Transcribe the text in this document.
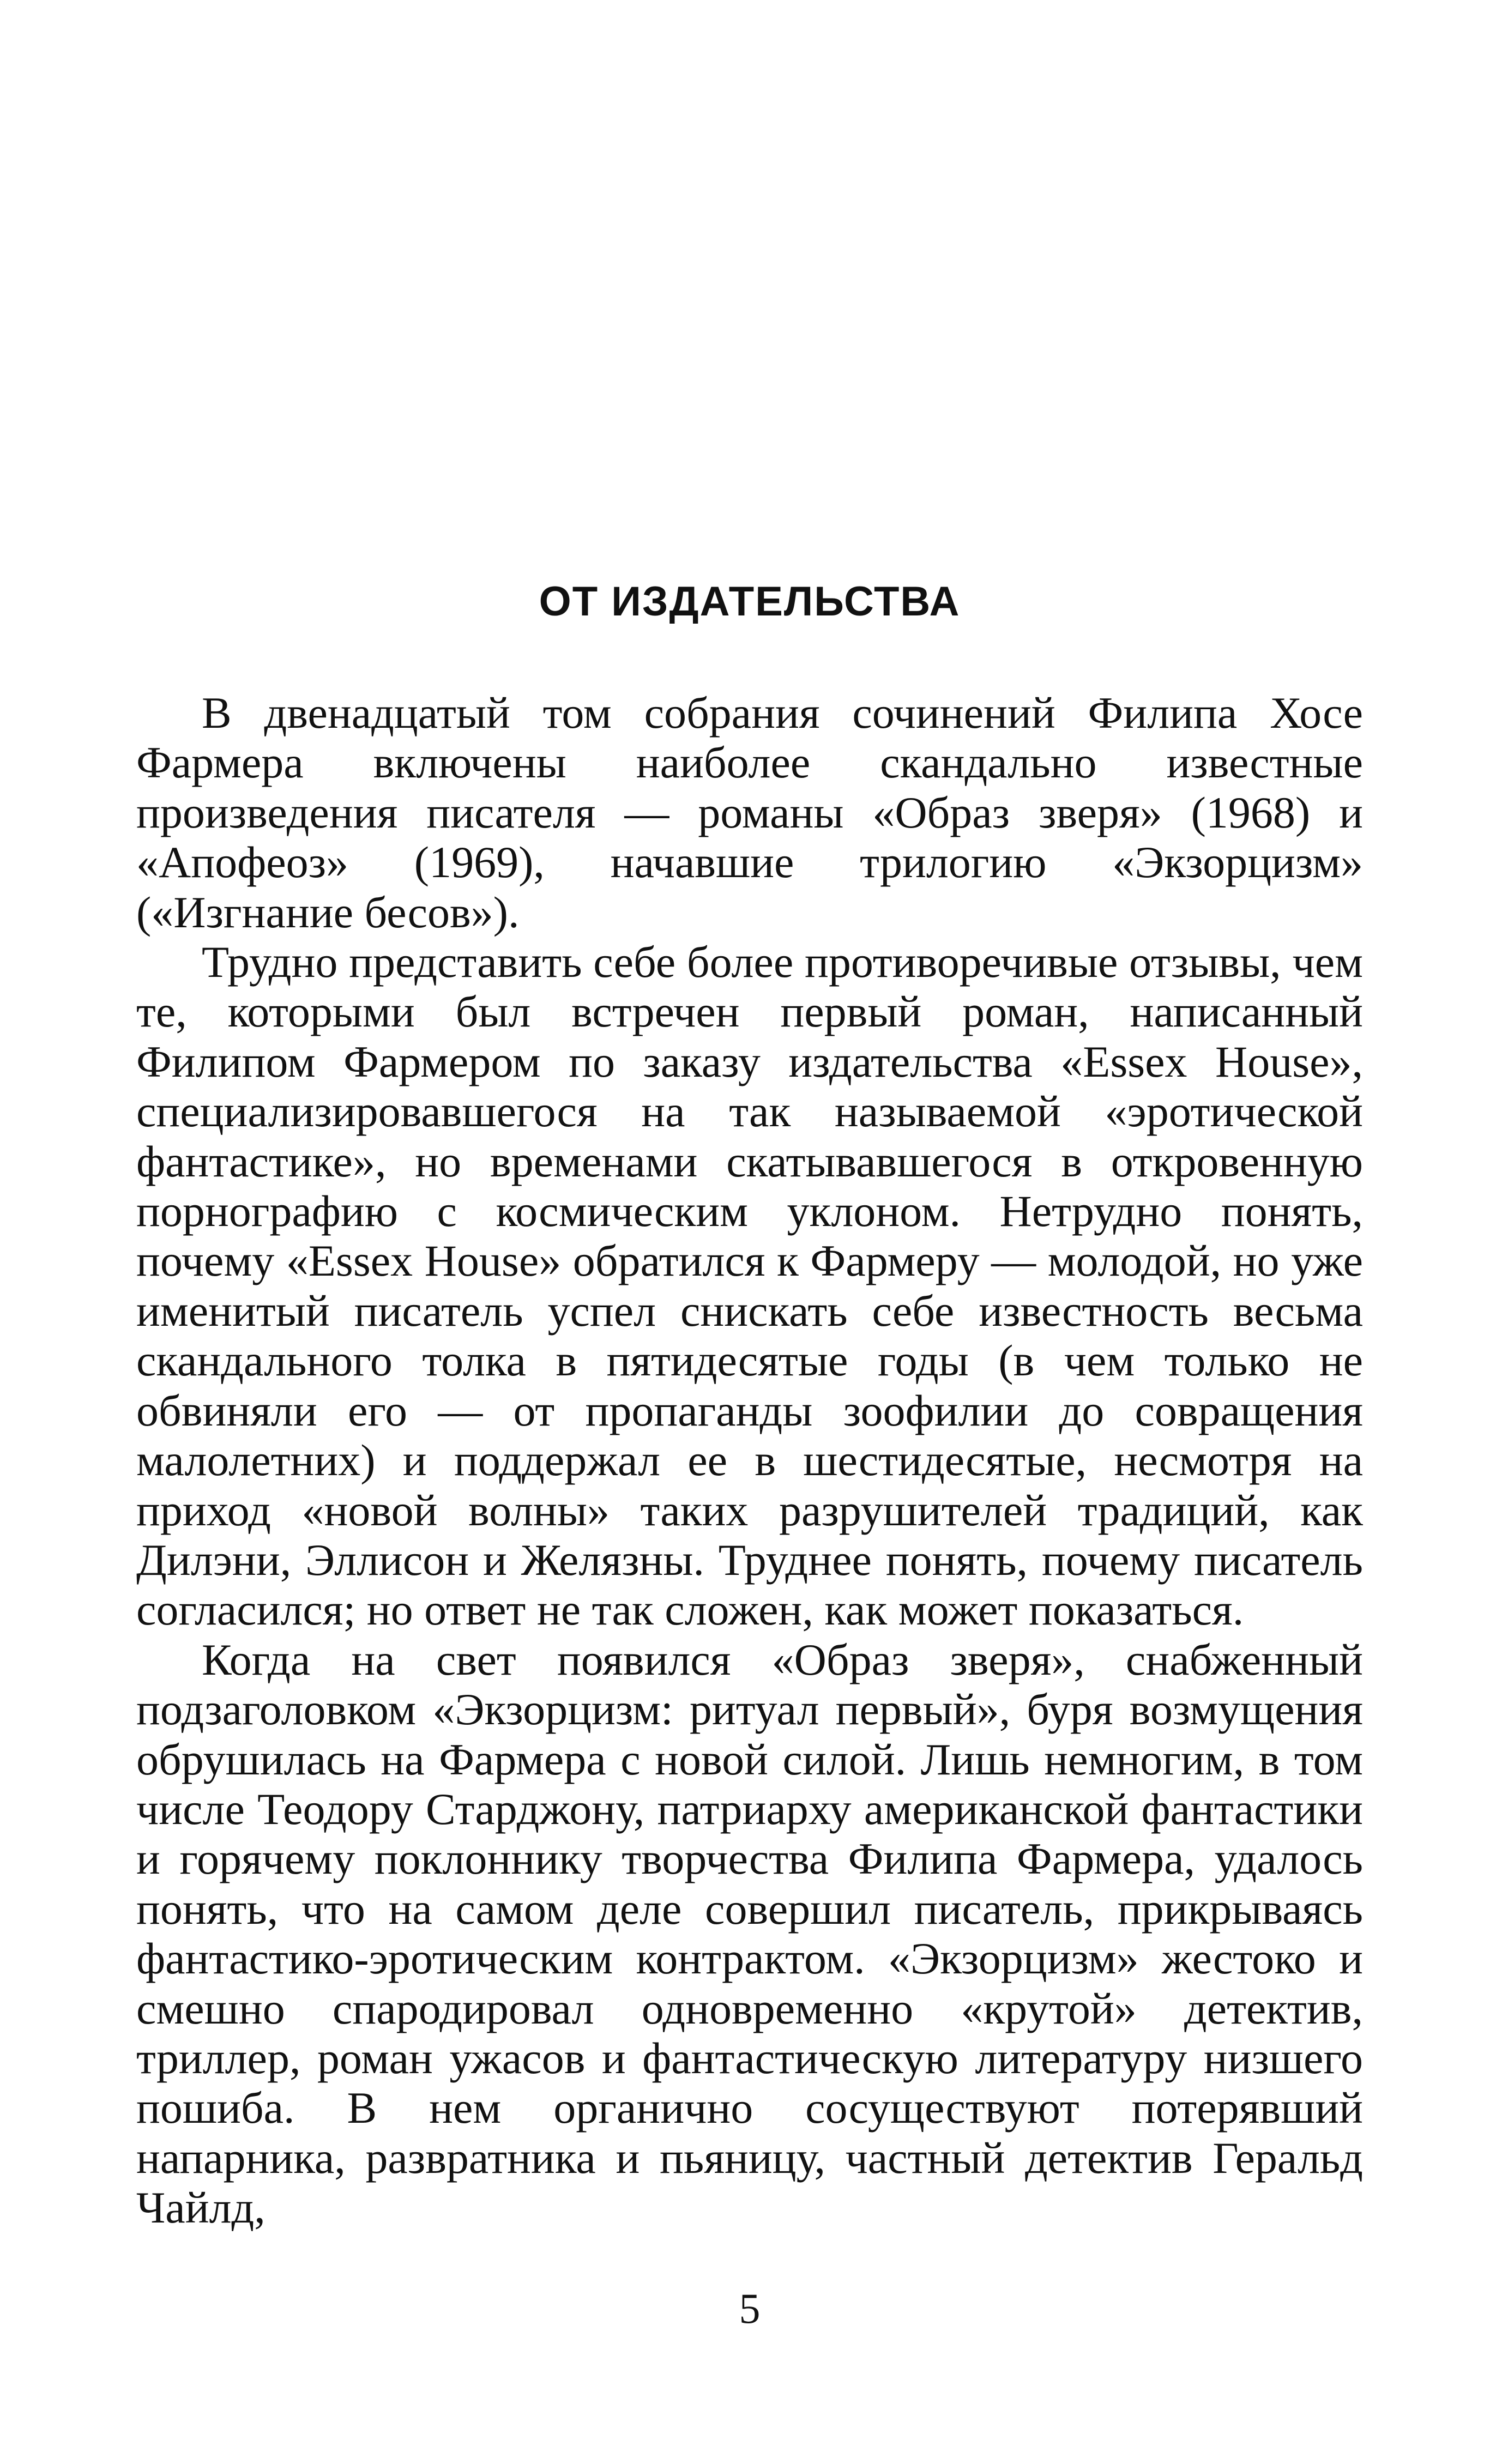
ОТ ИЗДАТЕЛЬСТВА

В двенадцатый том собрания сочинений Филипа Хосе Фармера включены наиболее скандально известные произведения писателя — романы «Образ зверя» (1968) и «Апофеоз» (1969), начавшие трилогию «Экзорцизм» («Изгнание бесов»).

Трудно представить себе более противоречивые отзывы, чем те, которыми был встречен первый роман, написанный Филипом Фармером по заказу издательства «Essex House», специализировавшегося на так называемой «эротической фантастике», но временами скатывавшегося в откровенную порнографию с космическим уклоном. Нетрудно понять, почему «Essex House» обратился к Фармеру — молодой, но уже именитый писатель успел снискать себе известность весьма скандального толка в пятидесятые годы (в чем только не обвиняли его — от пропаганды зоофилии до совращения малолетних) и поддержал ее в шестидесятые, несмотря на приход «новой волны» таких разрушителей традиций, как Дилэни, Эллисон и Желязны. Труднее понять, почему писатель согласился; но ответ не так сложен, как может показаться.

Когда на свет появился «Образ зверя», снабженный подзаголовком «Экзорцизм: ритуал первый», буря возмущения обрушилась на Фармера с новой силой. Лишь немногим, в том числе Теодору Старджону, патриарху американской фантастики и горячему поклоннику творчества Филипа Фармера, удалось понять, что на самом деле совершил писатель, прикрываясь фантастико-эротическим контрактом. «Экзорцизм» жестоко и смешно спародировал одновременно «крутой» детектив, триллер, роман ужасов и фантастическую литературу низшего пошиба. В нем органично сосуществуют потерявший напарника, развратника и пьяницу, частный детектив Геральд Чайлд,

5
